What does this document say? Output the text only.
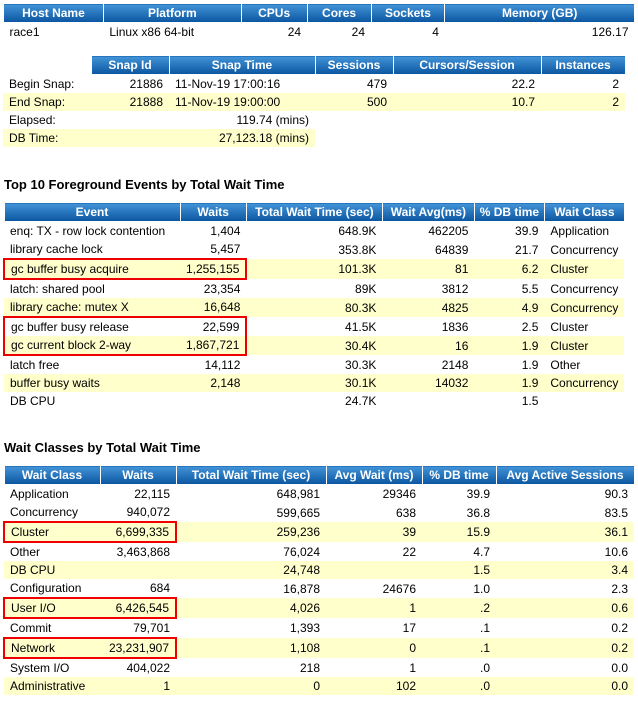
Host Name	Platform	CPUs	Cores	Sockets	Memory (GB)
race1	Linux x86 64-bit	24	24	4	126.17
	Snap Id	Snap Time	Sessions	Cursors/Session	Instances
Begin Snap:	21886	11-Nov-19 17:00:16	479	22.2	2
End Snap:	21888	11-Nov-19 19:00:00	500	10.7	2
Elapsed:	119.74 (mins)				
DB Time:	27,123.18 (mins)				
Top 10 Foreground Events by Total Wait Time
Event	Waits	Total Wait Time (sec)	Wait Avg(ms)	% DB time	Wait Class
enq: TX - row lock contention	1,404	648.9K	462205	39.9	Application
library cache lock	5,457	353.8K	64839	21.7	Concurrency
gc buffer busy acquire	1,255,155	101.3K	81	6.2	Cluster
latch: shared pool	23,354	89K	3812	5.5	Concurrency
library cache: mutex X	16,648	80.3K	4825	4.9	Concurrency
gc buffer busy release	22,599	41.5K	1836	2.5	Cluster
gc current block 2-way	1,867,721	30.4K	16	1.9	Cluster
latch free	14,112	30.3K	2148	1.9	Other
buffer busy waits	2,148	30.1K	14032	1.9	Concurrency
DB CPU		24.7K		1.5	
Wait Classes by Total Wait Time
Wait Class	Waits	Total Wait Time (sec)	Avg Wait (ms)	% DB time	Avg Active Sessions
Application	22,115	648,981	29346	39.9	90.3
Concurrency	940,072	599,665	638	36.8	83.5
Cluster	6,699,335	259,236	39	15.9	36.1
Other	3,463,868	76,024	22	4.7	10.6
DB CPU		24,748		1.5	3.4
Configuration	684	16,878	24676	1.0	2.3
User I/O	6,426,545	4,026	1	.2	0.6
Commit	79,701	1,393	17	.1	0.2
Network	23,231,907	1,108	0	.1	0.2
System I/O	404,022	218	1	.0	0.0
Administrative	1	0	102	.0	0.0
